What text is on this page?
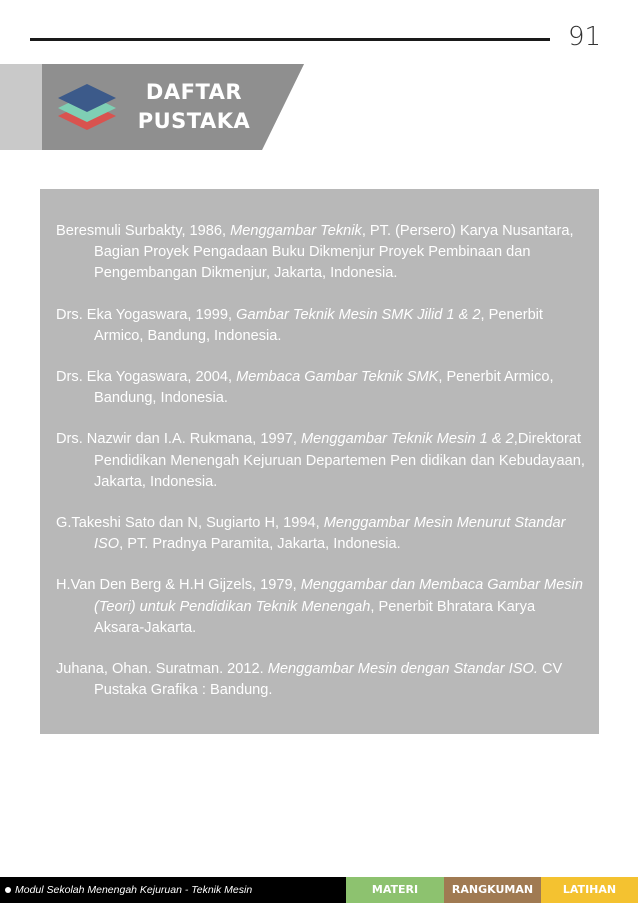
91
DAFTAR
PUSTAKA
Beresmuli Surbakty, 1986, Menggambar Teknik, PT. (Persero) Karya Nusantara, Bagian Proyek Pengadaan Buku Dikmenjur Proyek Pembinaan dan Pengembangan Dikmenjur, Jakarta, Indonesia.
Drs. Eka Yogaswara, 1999, Gambar Teknik Mesin SMK Jilid 1 & 2, Penerbit Armico, Bandung, Indonesia.
Drs. Eka Yogaswara, 2004, Membaca Gambar Teknik SMK, Penerbit Armico, Bandung, Indonesia.
Drs. Nazwir dan I.A. Rukmana, 1997, Menggambar Teknik Mesin 1 & 2,Direktorat Pendidikan Menengah Kejuruan Departemen Pen didikan dan Kebudayaan, Jakarta, Indonesia.
G.Takeshi Sato dan N, Sugiarto H, 1994, Menggambar Mesin Menurut Standar ISO, PT. Pradnya Paramita, Jakarta, Indonesia.
H.Van Den Berg & H.H Gijzels, 1979, Menggambar dan Membaca Gambar Mesin (Teori) untuk Pendidikan Teknik Menengah, Penerbit Bhratara Karya Aksara-Jakarta.
Juhana, Ohan. Suratman. 2012. Menggambar Mesin dengan Standar ISO. CV Pustaka Grafika : Bandung.
Modul Sekolah Menengah Kejuruan - Teknik Mesin	MATERI	RANGKUMAN	LATIHAN
